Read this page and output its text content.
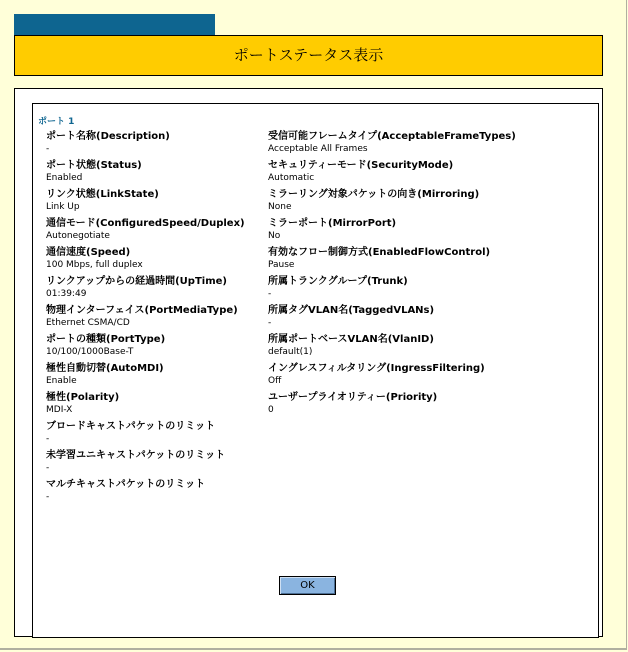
ポートステータス表示
ポート 1
ポート名称(Description)
-
ポート状態(Status)
Enabled
リンク状態(LinkState)
Link Up
通信モード(ConfiguredSpeed/Duplex)
Autonegotiate
通信速度(Speed)
100 Mbps, full duplex
リンクアップからの経過時間(UpTime)
01:39:49
物理インターフェイス(PortMediaType)
Ethernet CSMA/CD
ポートの種類(PortType)
10/100/1000Base-T
極性自動切替(AutoMDI)
Enable
極性(Polarity)
MDI-X
ブロードキャストパケットのリミット
-
未学習ユニキャストパケットのリミット
-
マルチキャストパケットのリミット
-
受信可能フレームタイプ(AcceptableFrameTypes)
Acceptable All Frames
セキュリティーモード(SecurityMode)
Automatic
ミラーリング対象パケットの向き(Mirroring)
None
ミラーポート(MirrorPort)
No
有効なフロー制御方式(EnabledFlowControl)
Pause
所属トランクグループ(Trunk)
-
所属タグVLAN名(TaggedVLANs)
-
所属ポートベースVLAN名(VlanID)
default(1)
イングレスフィルタリング(IngressFiltering)
Off
ユーザープライオリティー(Priority)
0
OK
